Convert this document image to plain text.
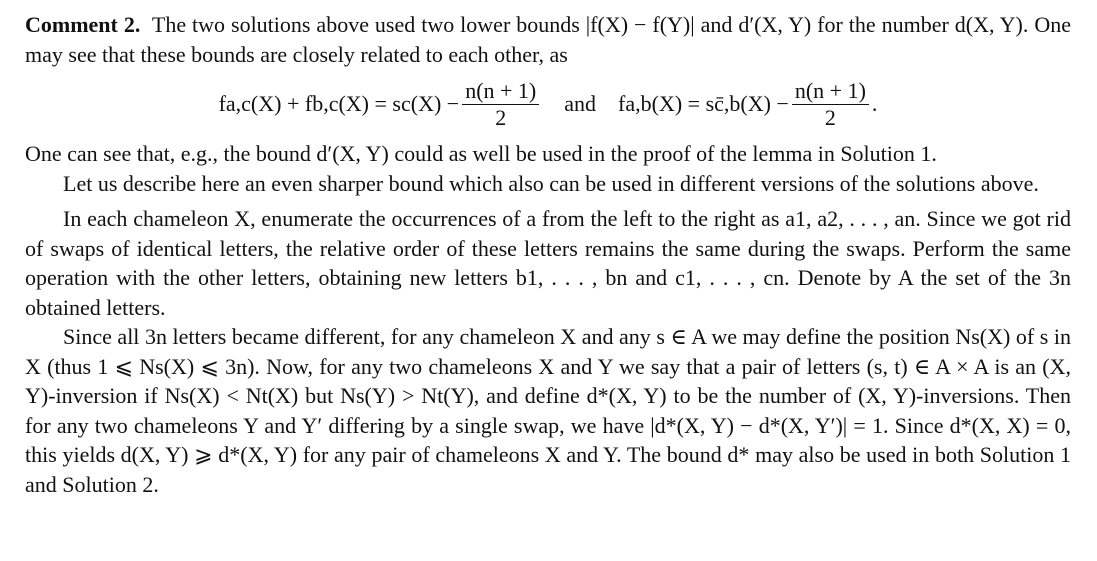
Comment 2. The two solutions above used two lower bounds |f(X) − f(Y)| and d′(X, Y) for the number d(X, Y). One may see that these bounds are closely related to each other, as

$fa,c(X) + fb,c(X) = sc(X) - \frac{n(n + 1)}{2}$ and fa,b(X) = sc̄,b(X) − $\frac{n(n + 1)}{2}$ .

One can see that, e.g., the bound d′(X, Y) could as well be used in the proof of the lemma in Solution 1.

Let us describe here an even sharper bound which also can be used in different versions of the solutions above.

In each chameleon X, enumerate the occurrences of a from the left to the right as a1, a2, . . . , an. Since we got rid of swaps of identical letters, the relative order of these letters remains the same during the swaps. Perform the same operation with the other letters, obtaining new letters b1, . . . , bn and c1, . . . , cn. Denote by A the set of the 3n obtained letters.

Since all 3n letters became different, for any chameleon X and any s ∈ A we may define the position Ns(X) of s in X (thus 1 ⩽ Ns(X) ⩽ 3n). Now, for any two chameleons X and Y we say that a pair of letters (s, t) ∈ A × A is an (X, Y)-inversion if Ns(X) < Nt(X) but Ns(Y) > Nt(Y), and define d*(X, Y) to be the number of (X, Y)-inversions. Then for any two chameleons Y and Y′ differing by a single swap, we have |d*(X, Y) − d*(X, Y′)| = 1. Since d*(X, X) = 0, this yields d(X, Y) ⩾ d*(X, Y) for any pair of chameleons X and Y. The bound d* may also be used in both Solution 1 and Solution 2.
